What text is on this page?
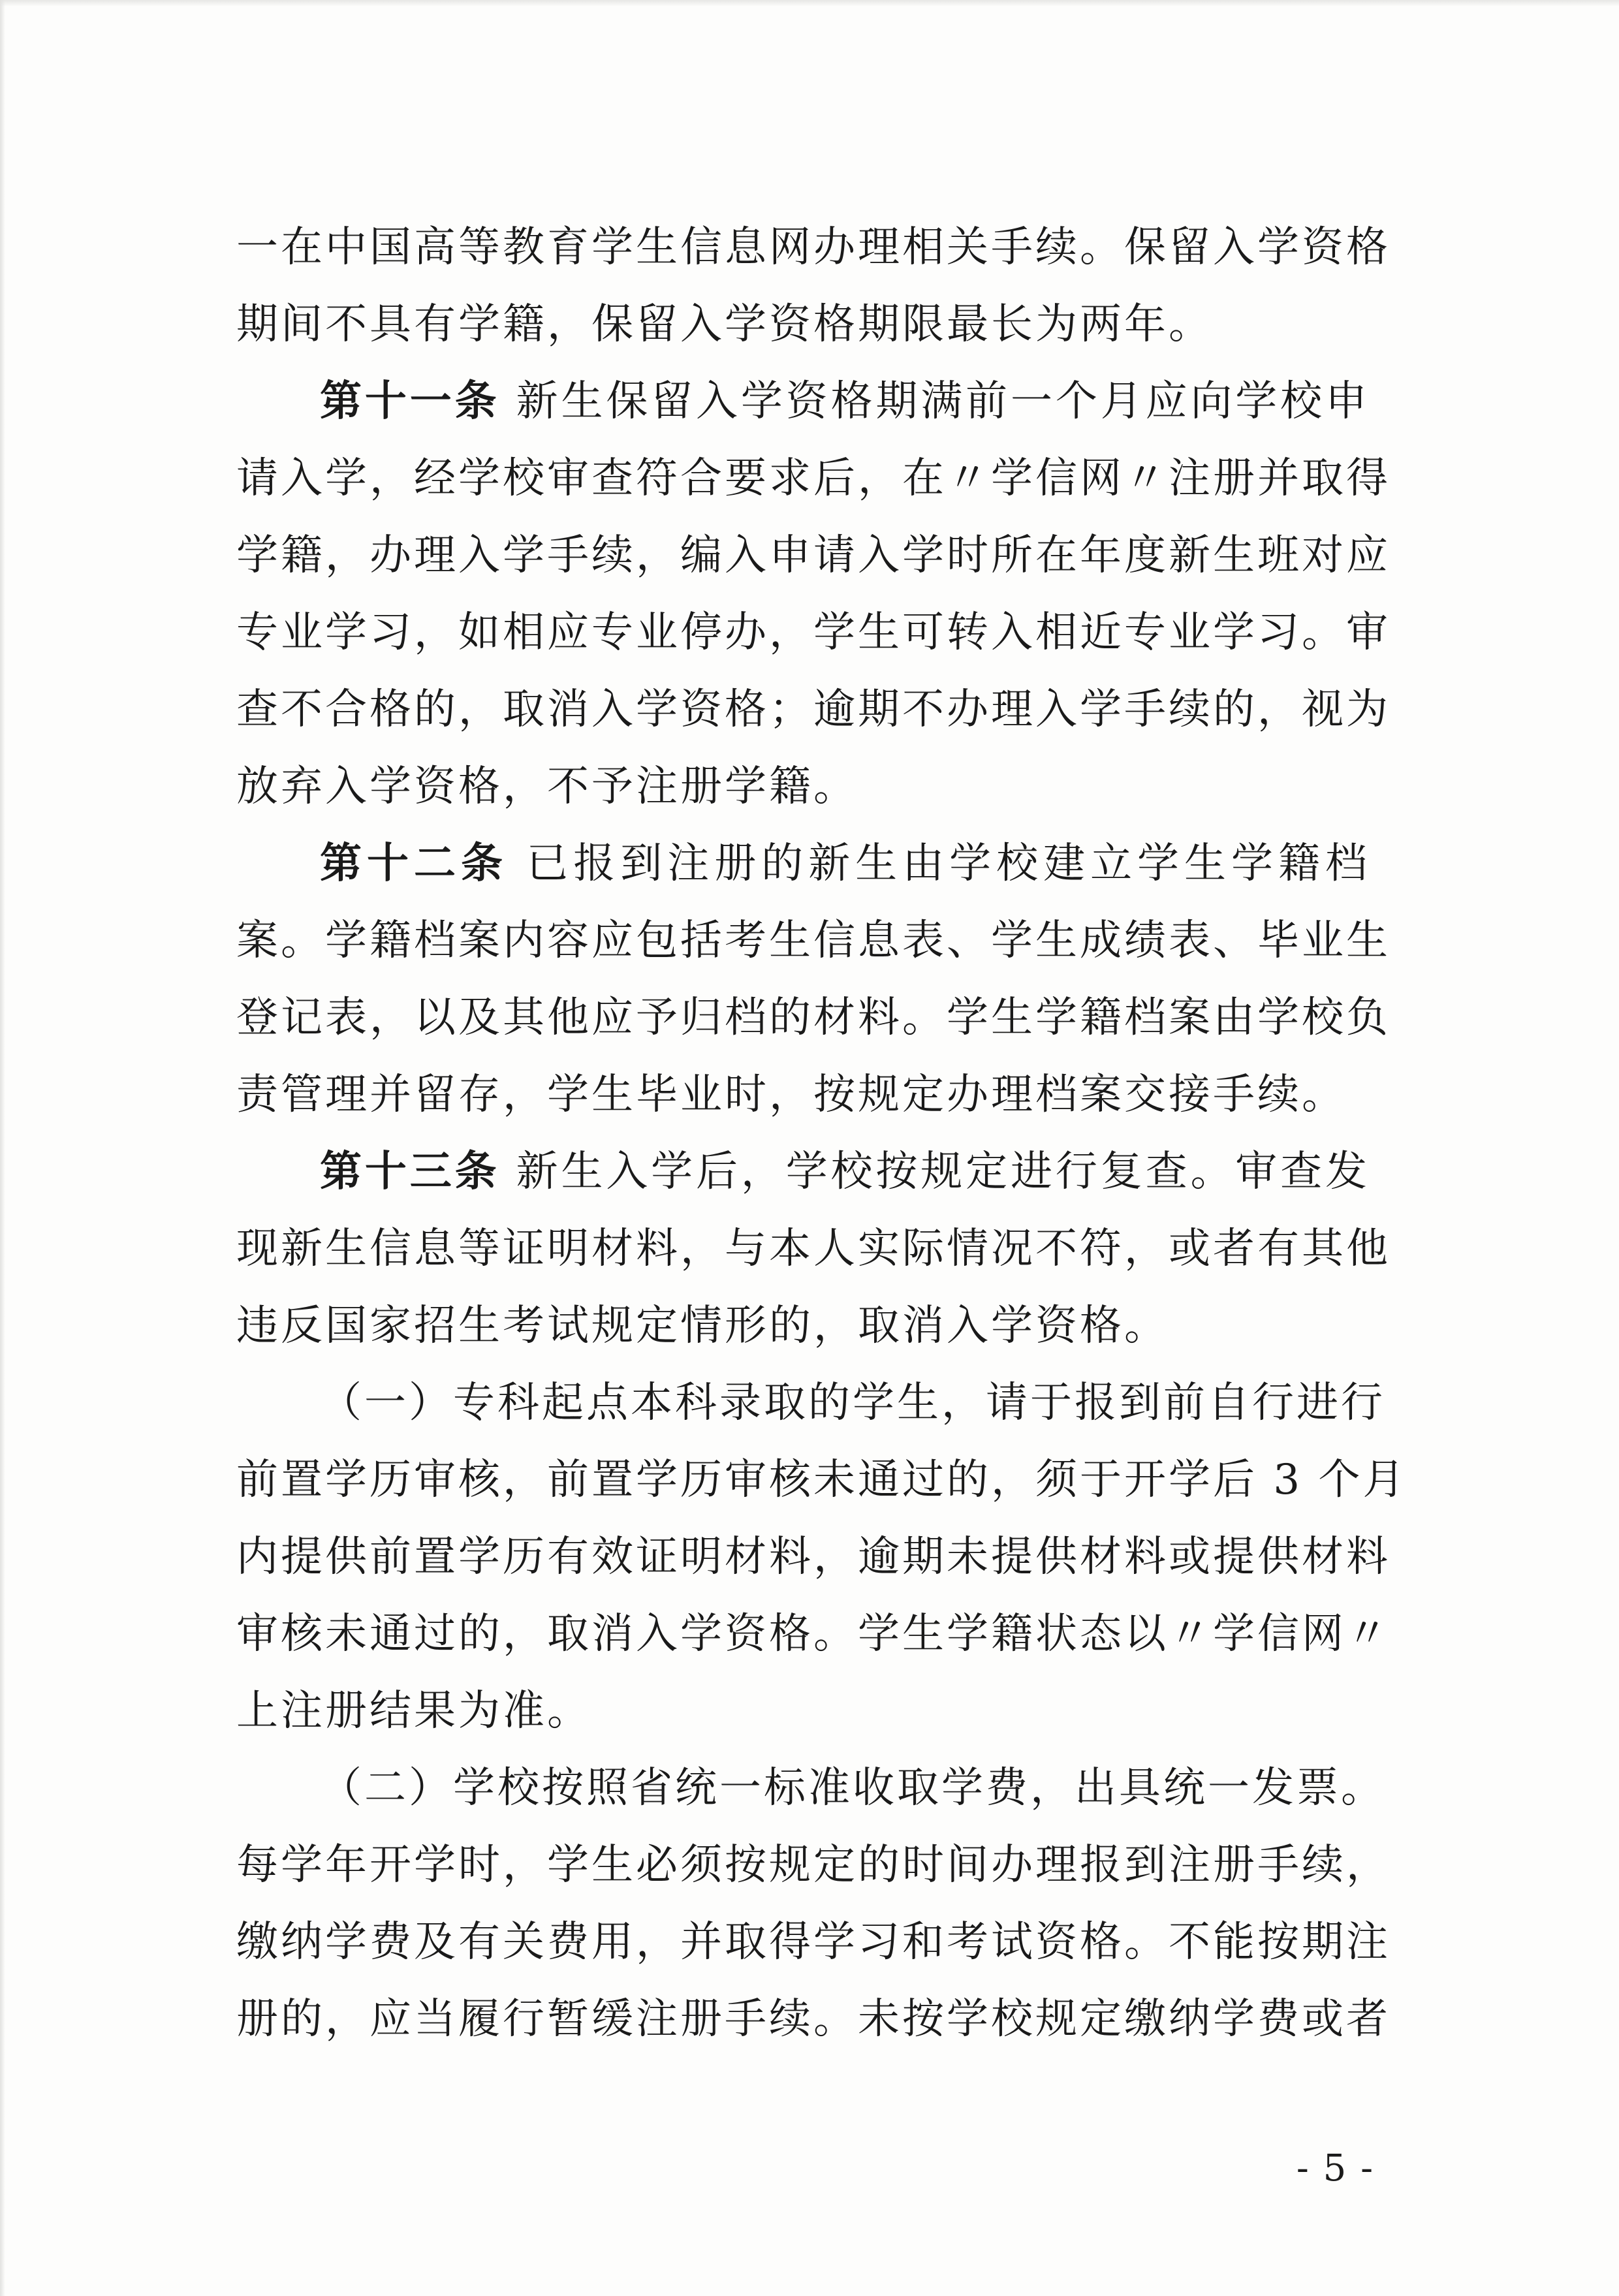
一在中国高等教育学生信息网办理相关手续。保留入学资格
期间不具有学籍，保留入学资格期限最长为两年。
第十一条 新生保留入学资格期满前一个月应向学校申
请入学，经学校审查符合要求后，在〃学信网〃注册并取得
学籍，办理入学手续，编入申请入学时所在年度新生班对应
专业学习，如相应专业停办，学生可转入相近专业学习。审
查不合格的，取消入学资格；逾期不办理入学手续的，视为
放弃入学资格，不予注册学籍。
第十二条 已报到注册的新生由学校建立学生学籍档
案。学籍档案内容应包括考生信息表、学生成绩表、毕业生
登记表，以及其他应予归档的材料。学生学籍档案由学校负
责管理并留存，学生毕业时，按规定办理档案交接手续。
第十三条 新生入学后，学校按规定进行复查。审查发
现新生信息等证明材料，与本人实际情况不符，或者有其他
违反国家招生考试规定情形的，取消入学资格。
（一）专科起点本科录取的学生，请于报到前自行进行
前置学历审核，前置学历审核未通过的，须于开学后 3 个月
内提供前置学历有效证明材料，逾期未提供材料或提供材料
审核未通过的，取消入学资格。学生学籍状态以〃学信网〃
上注册结果为准。
（二）学校按照省统一标准收取学费，出具统一发票。
每学年开学时，学生必须按规定的时间办理报到注册手续，
缴纳学费及有关费用，并取得学习和考试资格。不能按期注
册的，应当履行暂缓注册手续。未按学校规定缴纳学费或者
- 5 -
